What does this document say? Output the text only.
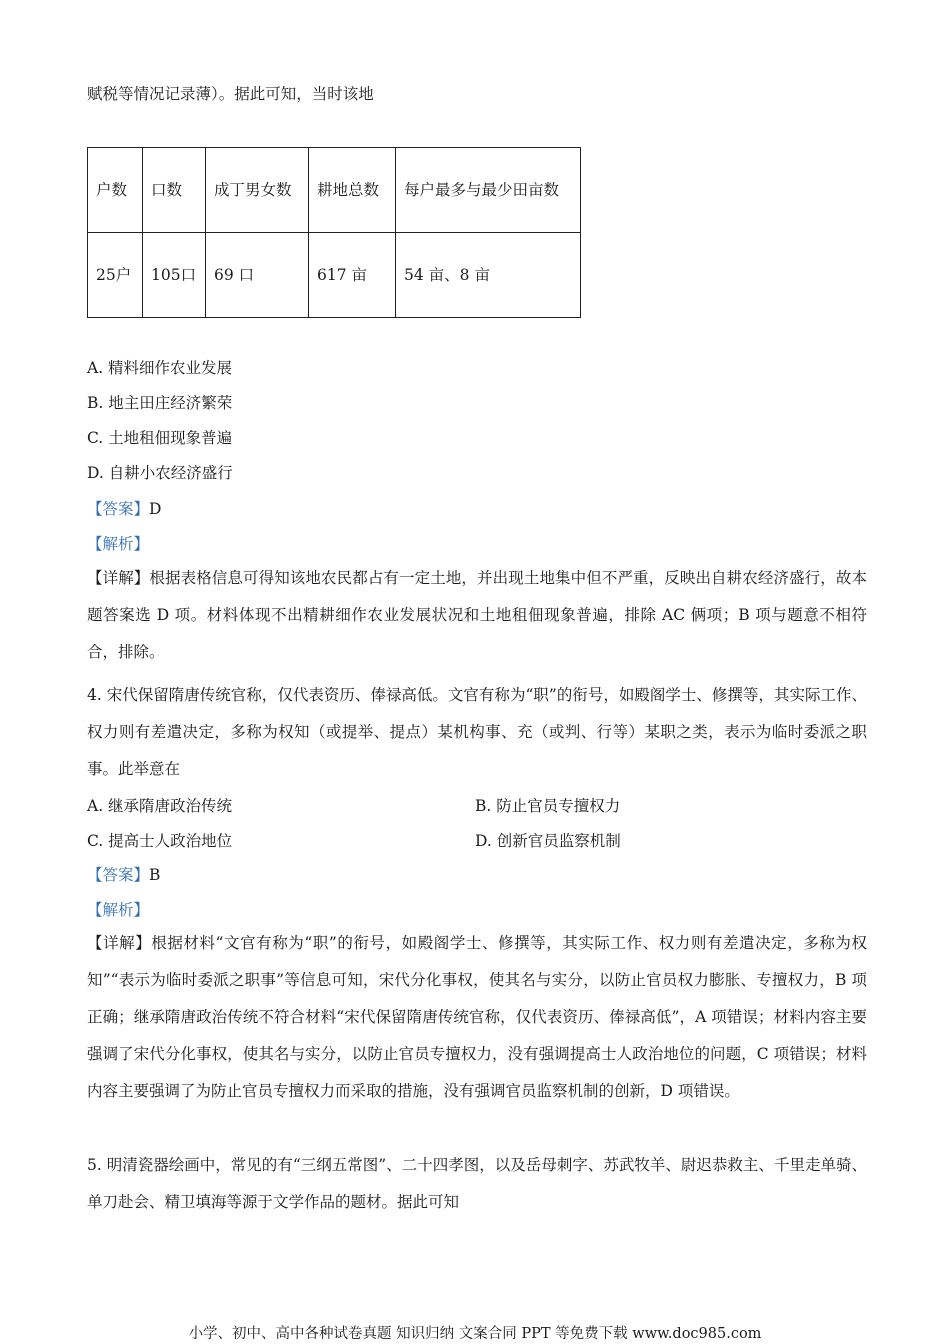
赋税等情况记录薄）。据此可知，当时该地
户数	口数	成丁男女数	耕地总数	每户最多与最少田亩数
25户	105口	69 口	617 亩	54 亩、8 亩
A. 精料细作农业发展
B. 地主田庄经济繁荣
C. 土地租佃现象普遍
D. 自耕小农经济盛行
【答案】D
【解析】
【详解】根据表格信息可得知该地农民都占有一定土地，并出现土地集中但不严重，反映出自耕农经济盛行，故本题答案选 D 项。材料体现不出精耕细作农业发展状况和土地租佃现象普遍，排除 AC 俩项；B 项与题意不相符合，排除。
4. 宋代保留隋唐传统官称，仅代表资历、俸禄高低。文官有称为“职”的衔号，如殿阁学士、修撰等，其实际工作、权力则有差遣决定，多称为权知（或提举、提点）某机构事、充（或判、行等）某职之类，表示为临时委派之职事。此举意在
A. 继承隋唐政治传统	B. 防止官员专擅权力
C. 提高士人政治地位	D. 创新官员监察机制
【答案】B
【解析】
【详解】根据材料“文官有称为“职”的衔号，如殿阁学士、修撰等，其实际工作、权力则有差遣决定，多称为权知”“表示为临时委派之职事”等信息可知，宋代分化事权，使其名与实分，以防止官员权力膨胀、专擅权力，B 项正确；继承隋唐政治传统不符合材料“宋代保留隋唐传统官称，仅代表资历、俸禄高低”，A 项错误；材料内容主要强调了宋代分化事权，使其名与实分，以防止官员专擅权力，没有强调提高士人政治地位的问题，C 项错误；材料内容主要强调了为防止官员专擅权力而采取的措施，没有强调官员监察机制的创新，D 项错误。
5. 明清瓷器绘画中，常见的有“三纲五常图”、二十四孝图，以及岳母刺字、苏武牧羊、尉迟恭救主、千里走单骑、单刀赴会、精卫填海等源于文学作品的题材。据此可知
小学、初中、高中各种试卷真题 知识归纳 文案合同 PPT 等免费下载 www.doc985.com
